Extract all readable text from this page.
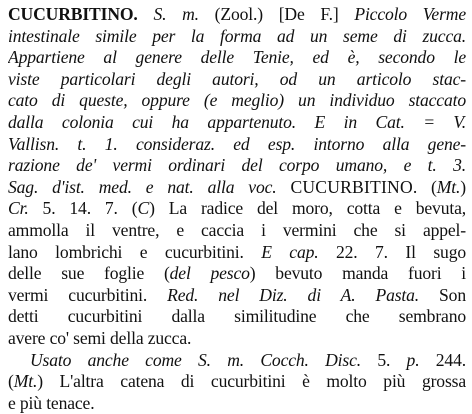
CUCURBITINO. S. m. (Zool.) [De F.] Piccolo Verme
intestinale simile per la forma ad un seme di zucca.
Appartiene al genere delle Tenie, ed è, secondo le
viste particolari degli autori, od un articolo stac-
cato di queste, oppure (e meglio) un individuo staccato
dalla colonia cui ha appartenuto. E in Cat. = V.
Vallisn. t. 1. consideraz. ed esp. intorno alla gene-
razione de' vermi ordinari del corpo umano, e t. 3.
Sag. d'ist. med. e nat. alla voc. CUCURBITINO. (Mt.)
Cr. 5. 14. 7. (C) La radice del moro, cotta e bevuta,
ammolla il ventre, e caccia i vermini che si appel-
lano lombrichi e cucurbitini. E cap. 22. 7. Il sugo
delle sue foglie (del pesco) bevuto manda fuori i
vermi cucurbitini. Red. nel Diz. di A. Pasta. Son
detti cucurbitini dalla similitudine che sembrano
avere co' semi della zucca.
Usato anche come S. m. Cocch. Disc. 5. p. 244.
(Mt.) L'altra catena di cucurbitini è molto più grossa
e più tenace.
